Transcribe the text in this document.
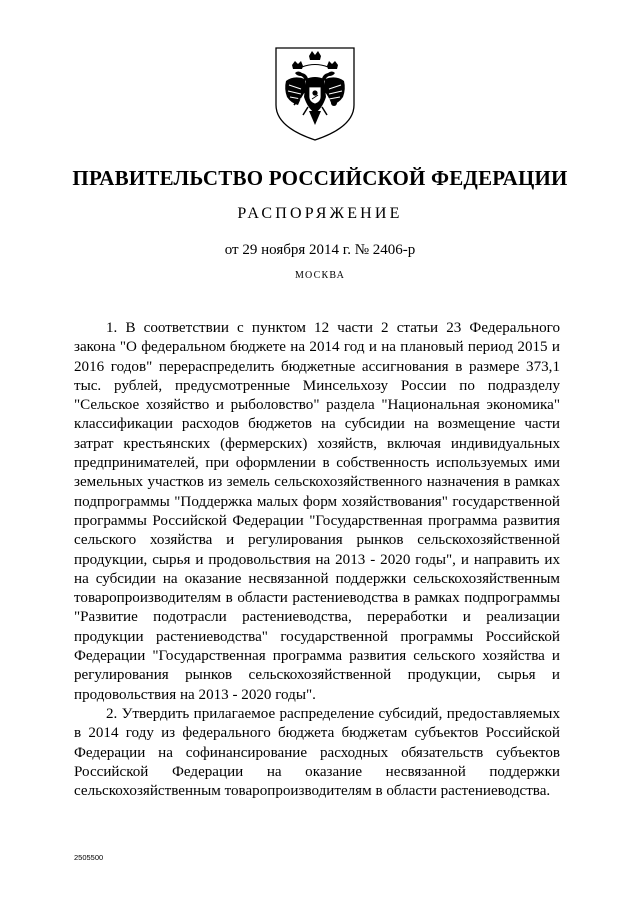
ПРАВИТЕЛЬСТВО РОССИЙСКОЙ ФЕДЕРАЦИИ
РАСПОРЯЖЕНИЕ
от 29 ноября 2014 г. № 2406-р
МОСКВА

1. В соответствии с пунктом 12 части 2 статьи 23 Федерального закона "О федеральном бюджете на 2014 год и на плановый период 2015 и 2016 годов" перераспределить бюджетные ассигнования в размере 373,1 тыс. рублей, предусмотренные Минсельхозу России по подразделу "Сельское хозяйство и рыболовство" раздела "Национальная экономика" классификации расходов бюджетов на субсидии на возмещение части затрат крестьянских (фермерских) хозяйств, включая индивидуальных предпринимателей, при оформлении в собственность используемых ими земельных участков из земель сельскохозяйственного назначения в рамках подпрограммы "Поддержка малых форм хозяйствования" государственной программы Российской Федерации "Государственная программа развития сельского хозяйства и регулирования рынков сельскохозяйственной продукции, сырья и продовольствия на 2013 - 2020 годы", и направить их на субсидии на оказание несвязанной поддержки сельскохозяйственным товаропроизводителям в области растениеводства в рамках подпрограммы "Развитие подотрасли растениеводства, переработки и реализации продукции растениеводства" государственной программы Российской Федерации "Государственная программа развития сельского хозяйства и регулирования рынков сельскохозяйственной продукции, сырья и продовольствия на 2013 - 2020 годы".

2. Утвердить прилагаемое распределение субсидий, предоставляемых в 2014 году из федерального бюджета бюджетам субъектов Российской Федерации на софинансирование расходных обязательств субъектов Российской Федерации на оказание несвязанной поддержки сельскохозяйственным товаропроизводителям в области растениеводства.

2505500
